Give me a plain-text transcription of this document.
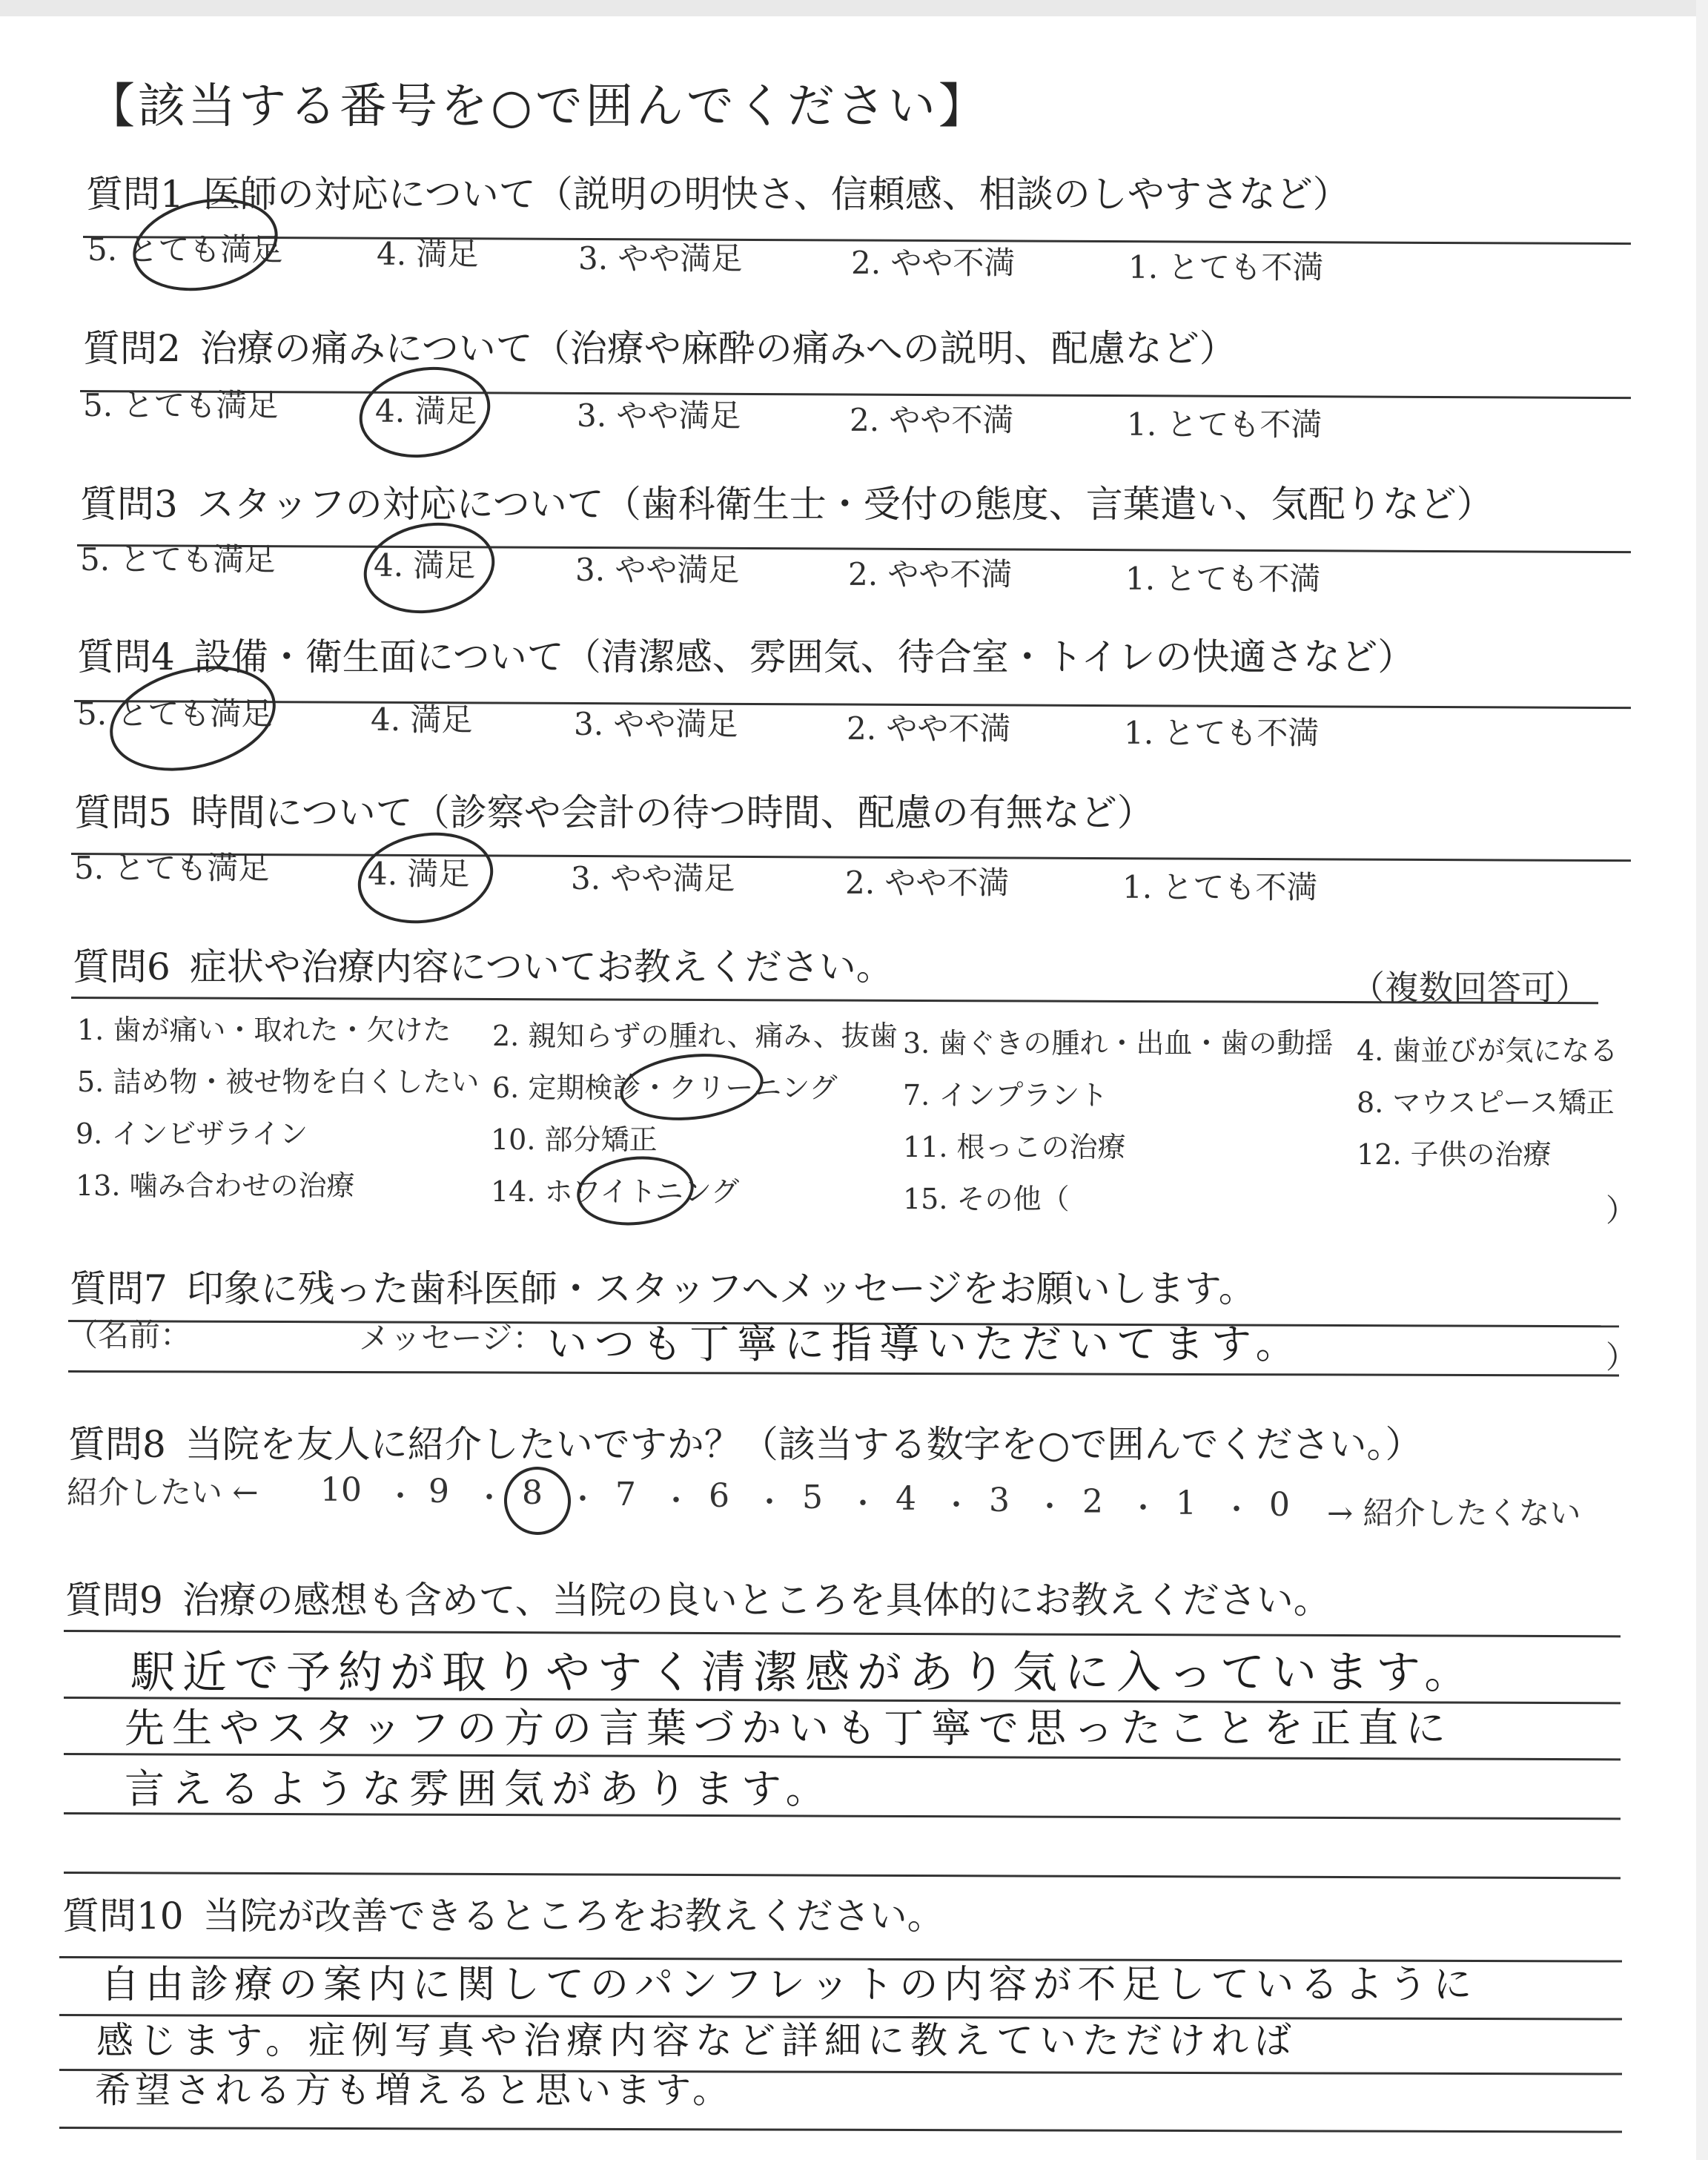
【該当する番号を○で囲んでください】
質問1 医師の対応について（説明の明快さ、信頼感、相談のしやすさなど）
5. とても満足	4. 満足	3. やや満足	2. やや不満	1. とても不満
質問2 治療の痛みについて（治療や麻酔の痛みへの説明、配慮など）
5. とても満足	4. 満足	3. やや満足	2. やや不満	1. とても不満
質問3 スタッフの対応について（歯科衛生士・受付の態度、言葉遣い、気配りなど）
5. とても満足	4. 満足	3. やや満足	2. やや不満	1. とても不満
質問4 設備・衛生面について（清潔感、雰囲気、待合室・トイレの快適さなど）
5. とても満足	4. 満足	3. やや満足	2. やや不満	1. とても不満
質問5 時間について（診察や会計の待つ時間、配慮の有無など）
5. とても満足	4. 満足	3. やや満足	2. やや不満	1. とても不満
質問6 症状や治療内容についてお教えください。	（複数回答可）
1. 歯が痛い・取れた・欠けた 2. 親知らずの腫れ、痛み、抜歯 3. 歯ぐきの腫れ・出血・歯の動揺 4. 歯並びが気になる
5. 詰め物・被せ物を白くしたい 6. 定期検診・クリーニング 7. インプラント	8. マウスピース矯正
9. インビザライン	10. 部分矯正	11. 根っこの治療	12. 子供の治療
13. 噛み合わせの治療	14. ホワイトニング	15. その他（	）
質問7 印象に残った歯科医師・スタッフへメッセージをお願いします。
（名前：	メッセージ： いつも丁寧に指導いただいてます。	）
質問8 当院を友人に紹介したいですか？（該当する数字を○で囲んでください。）
紹介したい ←
→ 紹介したくない
10 ・ 9 ・ 8 ・ 7 ・ 6 ・ 5 ・ 4 ・ 3 ・ 2 ・ 1 ・ 0
質問9 治療の感想も含めて、当院の良いところを具体的にお教えください。
駅近で予約が取りやすく清潔感があり気に入っています。
先生やスタッフの方の言葉づかいも丁寧で思ったことを正直に
言えるような雰囲気があります。
質問10 当院が改善できるところをお教えください。
自由診療の案内に関してのパンフレットの内容が不足しているように
感じます。症例写真や治療内容など詳細に教えていただければ
希望される方も増えると思います。
